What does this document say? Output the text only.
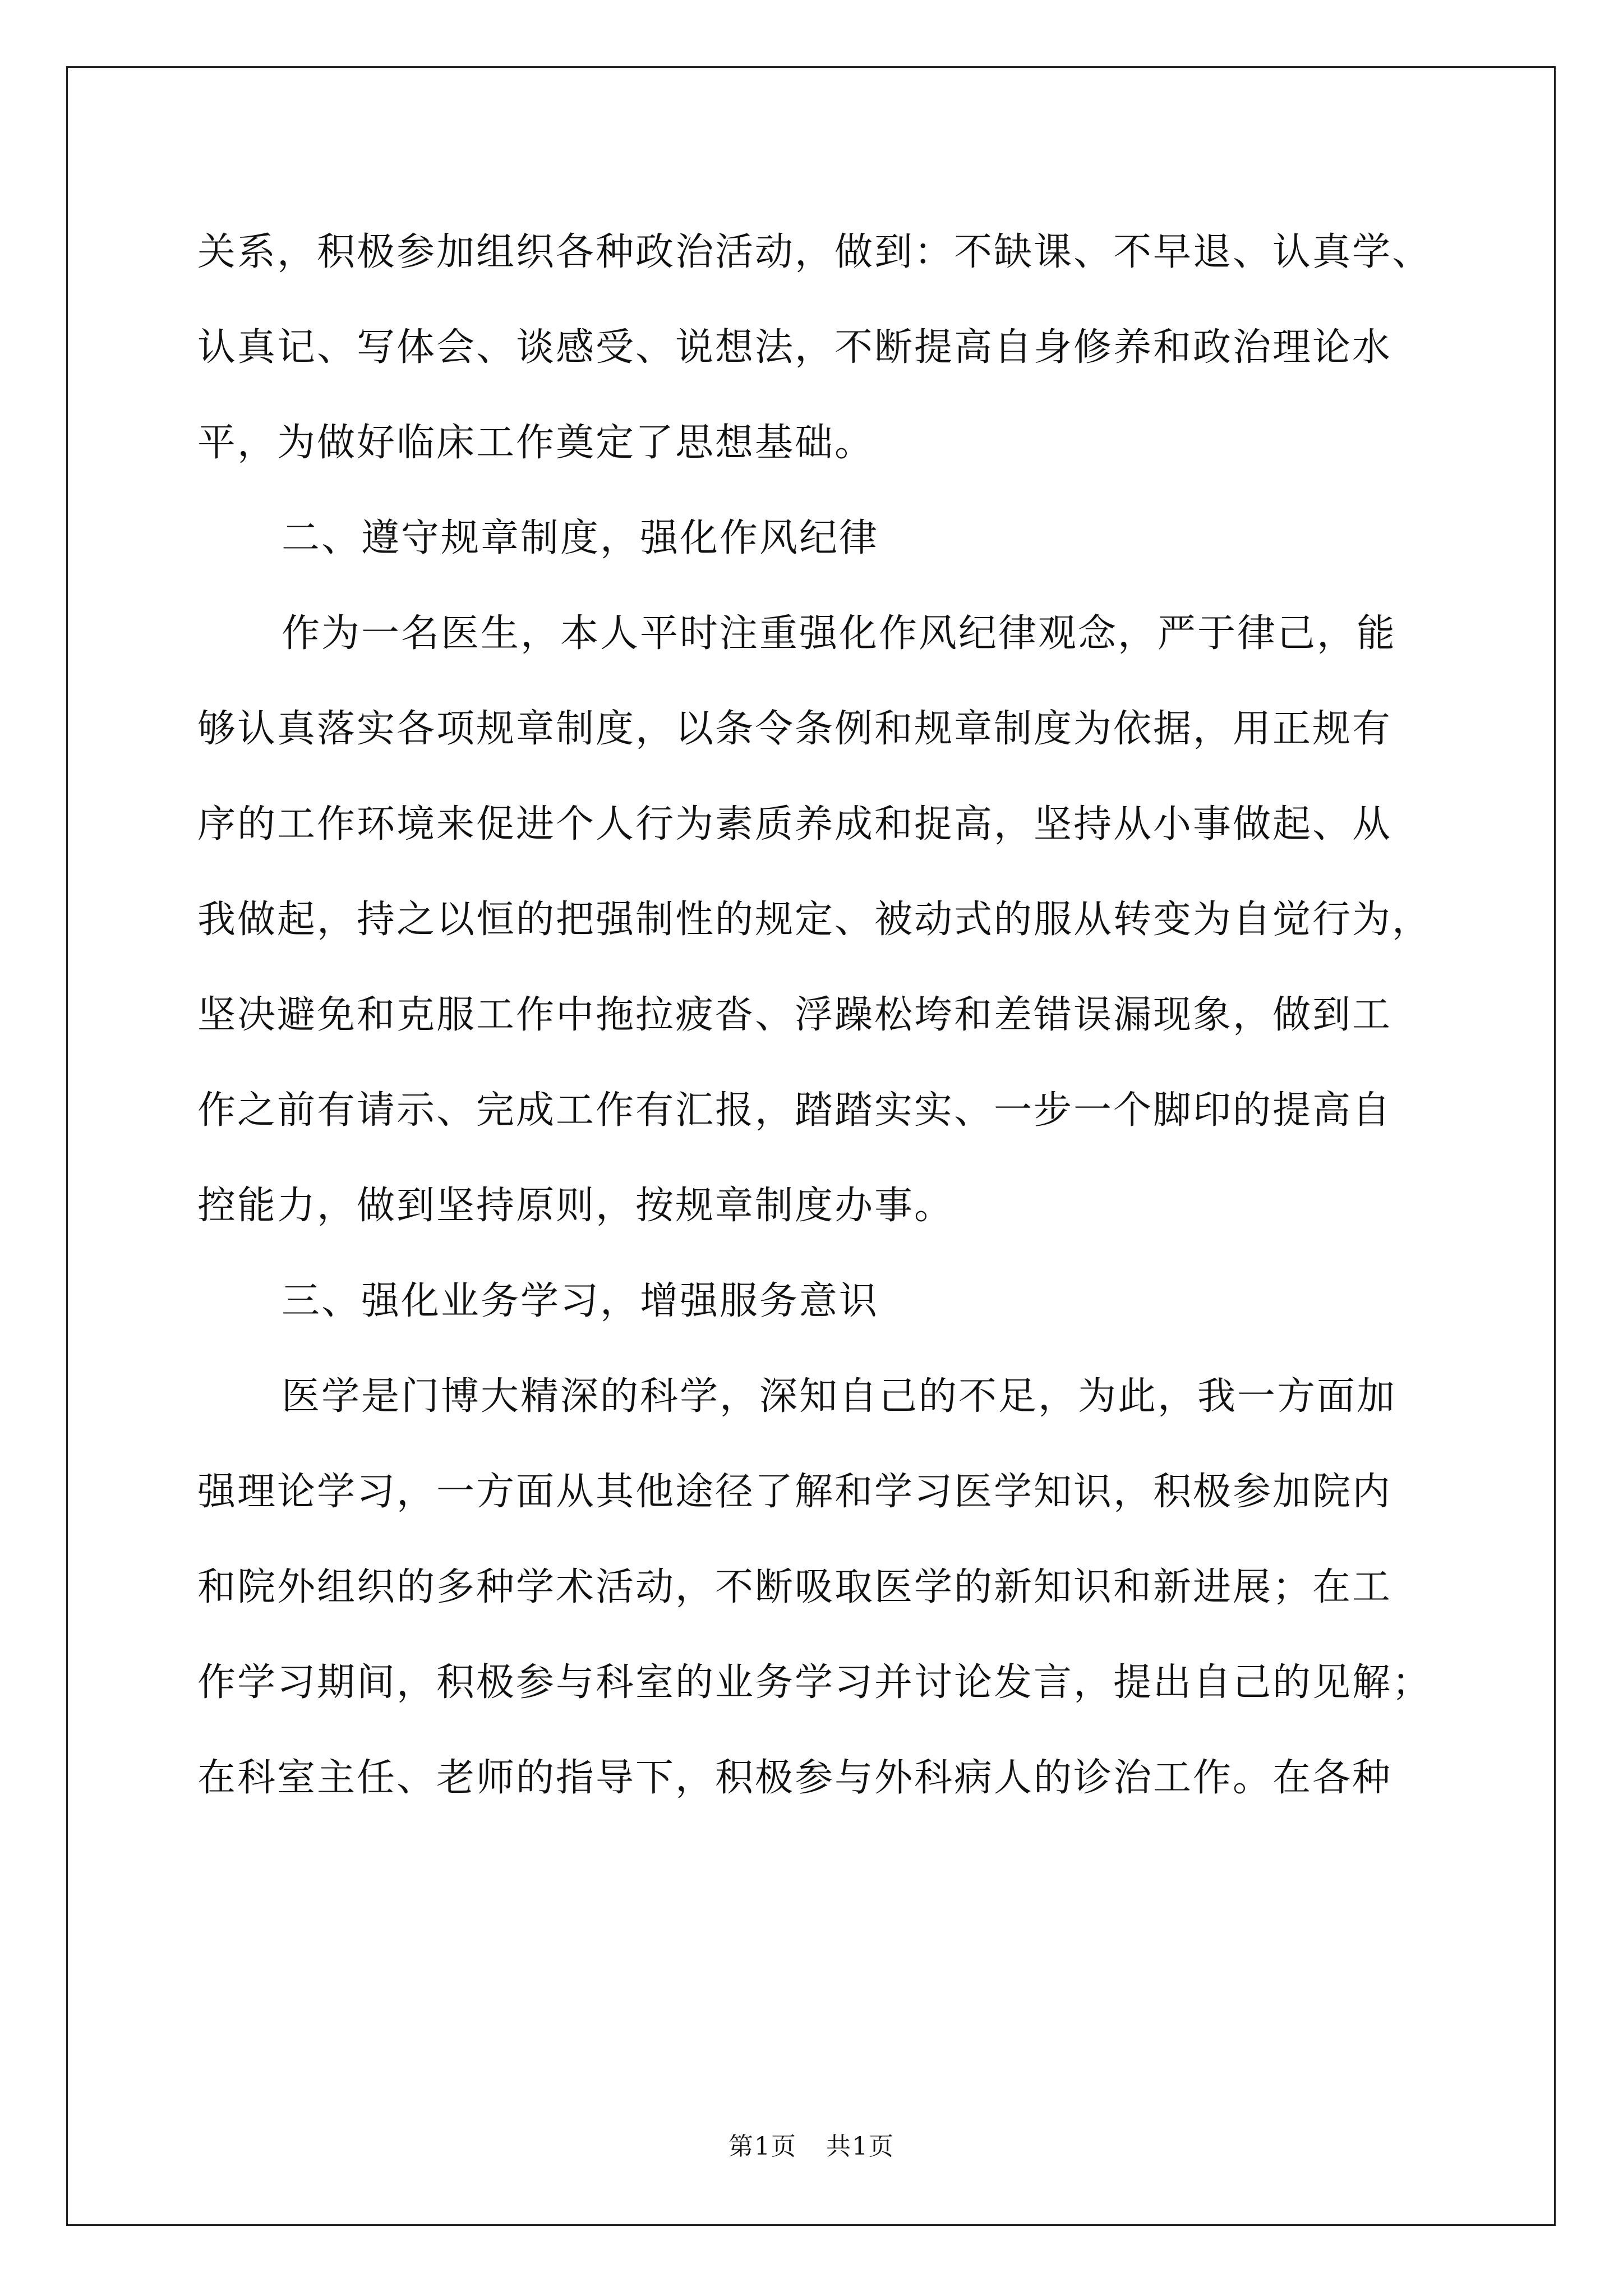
关系，积极参加组织各种政治活动，做到：不缺课、不早退、认真学、
认真记、写体会、谈感受、说想法，不断提高自身修养和政治理论水
平，为做好临床工作奠定了思想基础。
二、遵守规章制度，强化作风纪律
作为一名医生，本人平时注重强化作风纪律观念，严于律己，能
够认真落实各项规章制度，以条令条例和规章制度为依据，用正规有
序的工作环境来促进个人行为素质养成和捉高，坚持从小事做起、从
我做起，持之以恒的把强制性的规定、被动式的服从转变为自觉行为，
坚决避免和克服工作中拖拉疲沓、浮躁松垮和差错误漏现象，做到工
作之前有请示、完成工作有汇报，踏踏实实、一步一个脚印的提高自
控能力，做到坚持原则，按规章制度办事。
三、强化业务学习，增强服务意识
医学是门博大精深的科学，深知自己的不足，为此，我一方面加
强理论学习，一方面从其他途径了解和学习医学知识，积极参加院内
和院外组织的多种学术活动，不断吸取医学的新知识和新进展；在工
作学习期间，积极参与科室的业务学习并讨论发言，提出自己的见解；
在科室主任、老师的指导下，积极参与外科病人的诊治工作。在各种
第1页 共1页
